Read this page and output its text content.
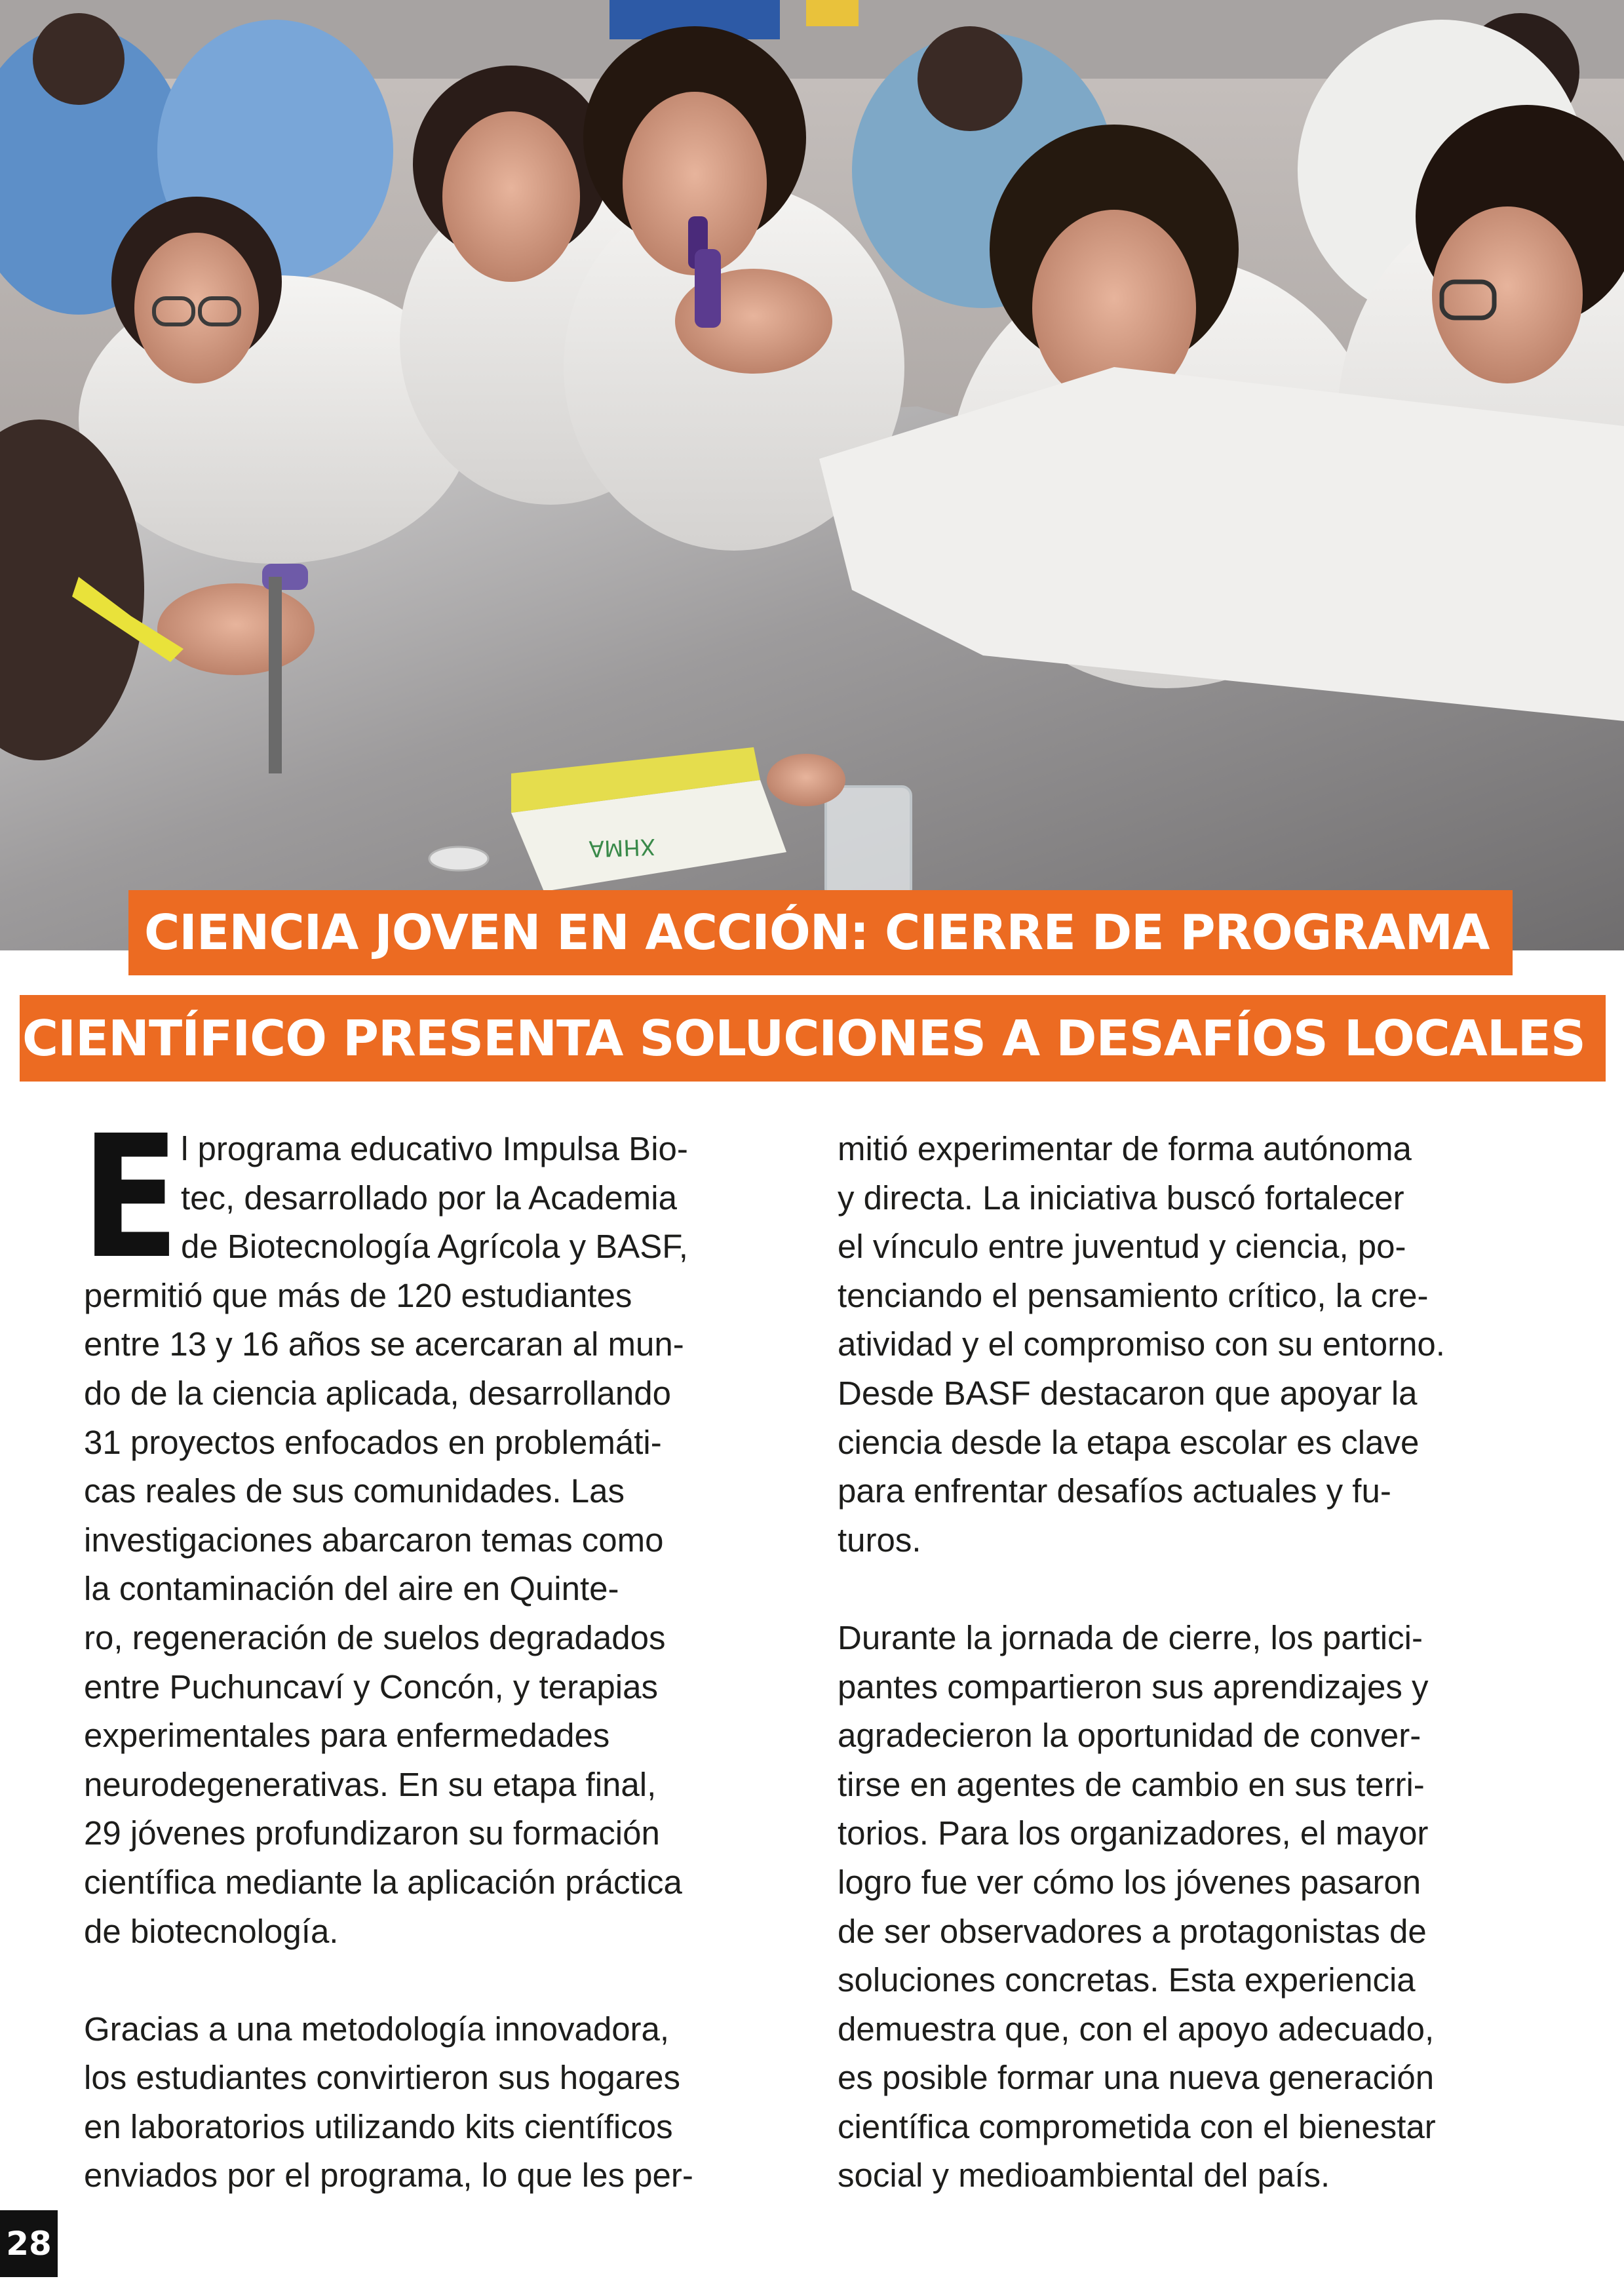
XHMA
CIENCIA JOVEN EN ACCIÓN: CIERRE DE PROGRAMA
CIENTÍFICO PRESENTA SOLUCIONES A DESAFÍOS LOCALES
E l programa educativo Impulsa Bio-
tec, desarrollado por la Academia
de Biotecnología Agrícola y BASF,
permitió que más de 120 estudiantes
entre 13 y 16 años se acercaran al mun-
do de la ciencia aplicada, desarrollando
31 proyectos enfocados en problemáti-
cas reales de sus comunidades. Las
investigaciones abarcaron temas como
la contaminación del aire en Quinte-
ro, regeneración de suelos degradados
entre Puchuncaví y Concón, y terapias
experimentales para enfermedades
neurodegenerativas. En su etapa final,
29 jóvenes profundizaron su formación
científica mediante la aplicación práctica
de biotecnología.
Gracias a una metodología innovadora,
los estudiantes convirtieron sus hogares
en laboratorios utilizando kits científicos
enviados por el programa, lo que les per-
mitió experimentar de forma autónoma
y directa. La iniciativa buscó fortalecer
el vínculo entre juventud y ciencia, po-
tenciando el pensamiento crítico, la cre-
atividad y el compromiso con su entorno.
Desde BASF destacaron que apoyar la
ciencia desde la etapa escolar es clave
para enfrentar desafíos actuales y fu-
turos.
Durante la jornada de cierre, los partici-
pantes compartieron sus aprendizajes y
agradecieron la oportunidad de conver-
tirse en agentes de cambio en sus terri-
torios. Para los organizadores, el mayor
logro fue ver cómo los jóvenes pasaron
de ser observadores a protagonistas de
soluciones concretas. Esta experiencia
demuestra que, con el apoyo adecuado,
es posible formar una nueva generación
científica comprometida con el bienestar
social y medioambiental del país.
28
